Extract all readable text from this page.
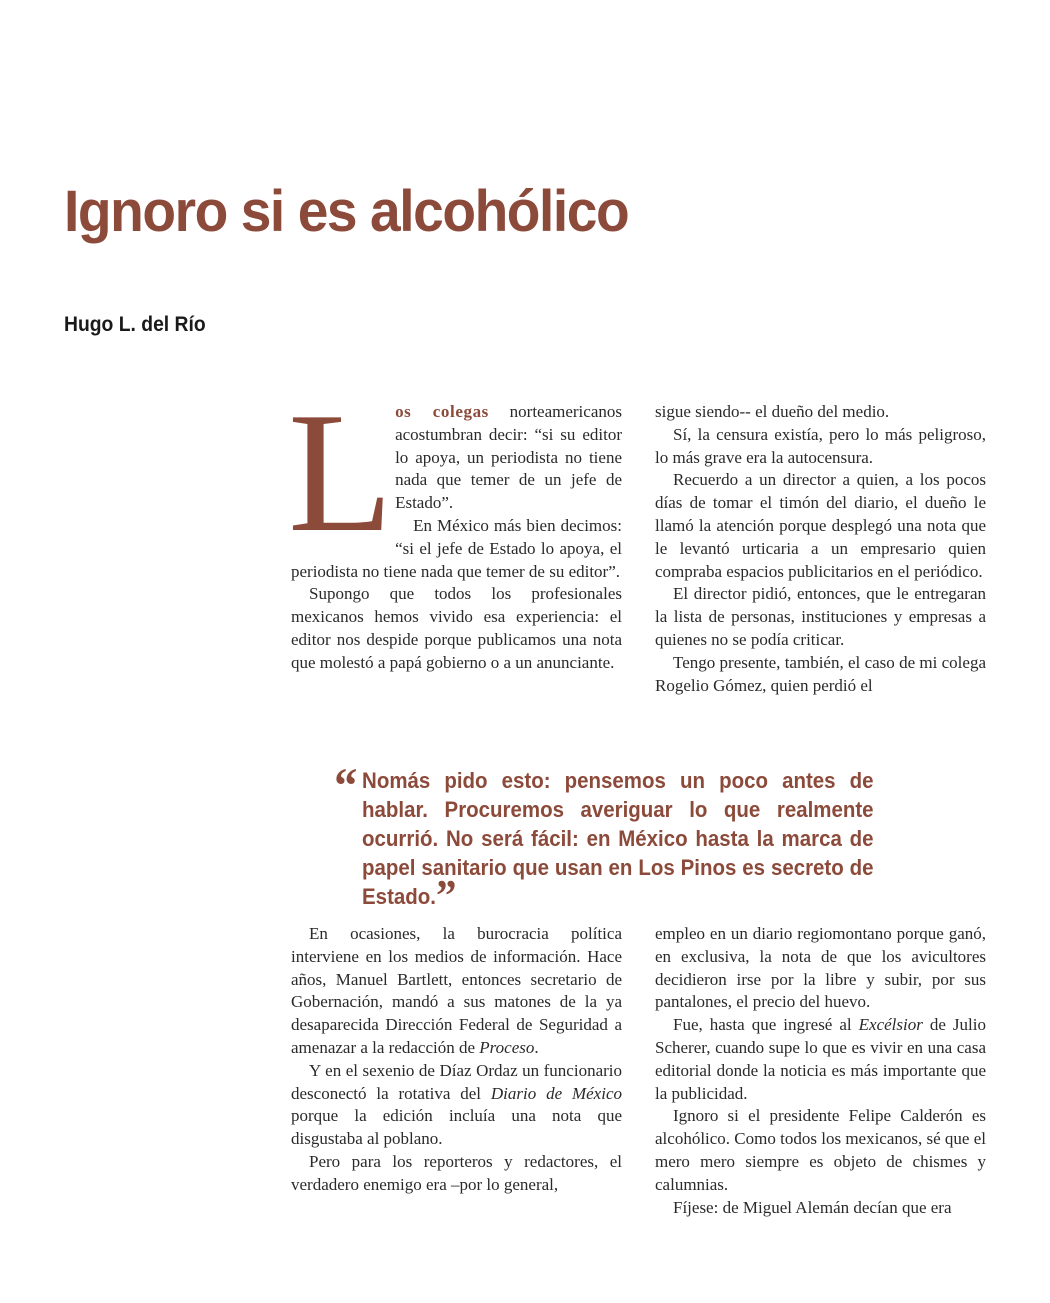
Ignoro si es alcohólico
Hugo L. del Río

Los colegas norteamericanos acostumbran decir: “si su editor lo apoya, un periodista no tiene nada que temer de un jefe de Estado”.

En México más bien decimos: “si el jefe de Estado lo apoya, el periodista no tiene nada que temer de su editor”.

Supongo que todos los profesionales mexicanos hemos vivido esa experiencia: el editor nos despide porque publicamos una nota que molestó a papá gobierno o a un anunciante.

sigue siendo-- el dueño del medio.

Sí, la censura existía, pero lo más peligroso, lo más grave era la autocensura.

Recuerdo a un director a quien, a los pocos días de tomar el timón del diario, el dueño le llamó la atención porque desplegó una nota que le levantó urticaria a un empresario quien compraba espacios publicitarios en el periódico.

El director pidió, entonces, que le entregaran la lista de personas, instituciones y empresas a quienes no se podía criticar.

Tengo presente, también, el caso de mi colega Rogelio Gómez, quien perdió el

“ Nomás pido esto: pensemos un poco antes de hablar. Procuremos averiguar lo que realmente ocurrió. No será fácil: en México hasta la marca de papel sanitario que usan en Los Pinos es secreto de Estado.”

En ocasiones, la burocracia política interviene en los medios de información. Hace años, Manuel Bartlett, entonces secretario de Gobernación, mandó a sus matones de la ya desaparecida Dirección Federal de Seguridad a amenazar a la redacción de Proceso.

Y en el sexenio de Díaz Ordaz un funcionario desconectó la rotativa del Diario de México porque la edición incluía una nota que disgustaba al poblano.

Pero para los reporteros y redactores, el verdadero enemigo era –por lo general,

empleo en un diario regiomontano porque ganó, en exclusiva, la nota de que los avicultores decidieron irse por la libre y subir, por sus pantalones, el precio del huevo.

Fue, hasta que ingresé al Excélsior de Julio Scherer, cuando supe lo que es vivir en una casa editorial donde la noticia es más importante que la publicidad.

Ignoro si el presidente Felipe Calderón es alcohólico. Como todos los mexicanos, sé que el mero mero siempre es objeto de chismes y calumnias.

Fíjese: de Miguel Alemán decían que era
